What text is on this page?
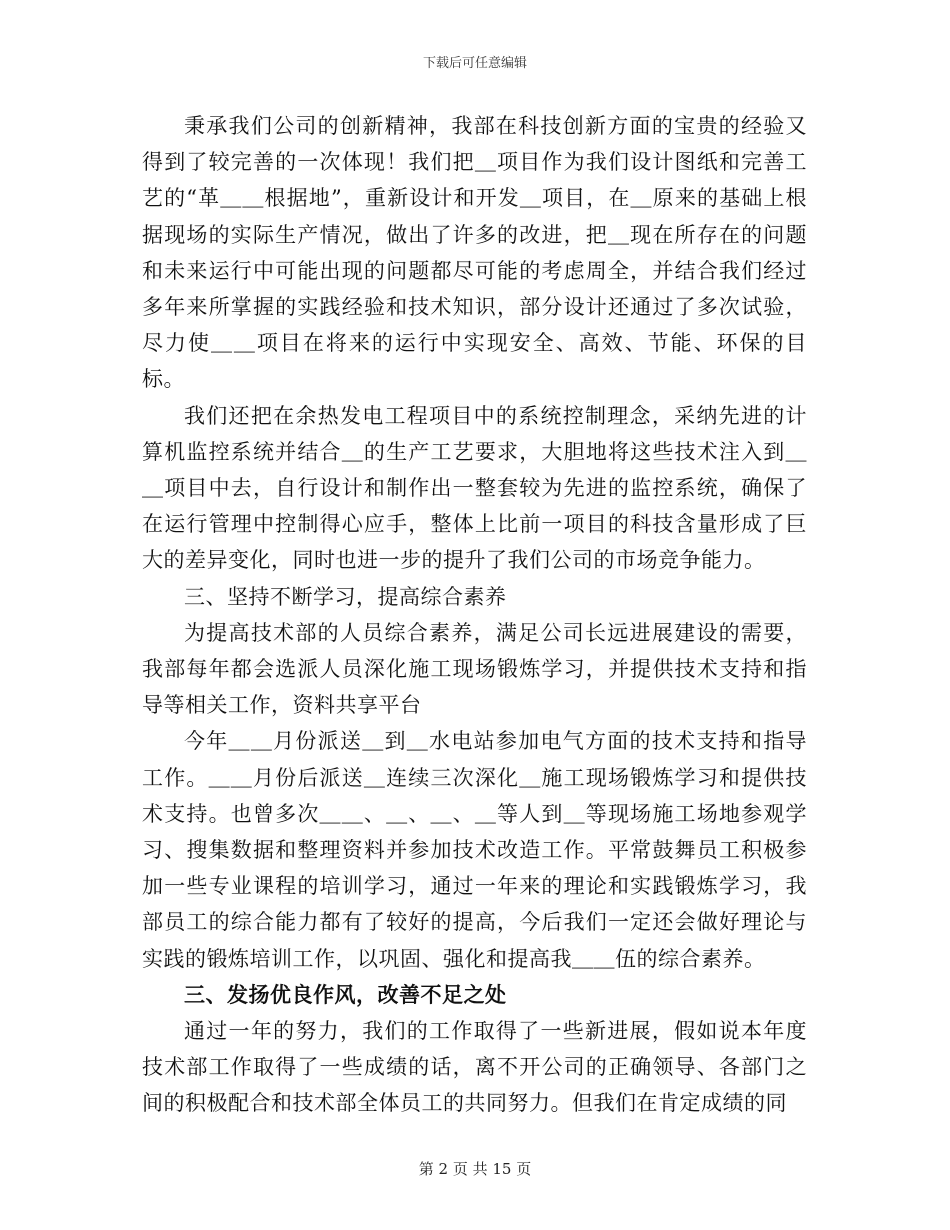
下载后可任意编辑

秉承我们公司的创新精神，我部在科技创新方面的宝贵的经验又得到了较完善的一次体现！我们把＿项目作为我们设计图纸和完善工艺的“革＿＿根据地”，重新设计和开发＿项目，在＿原来的基础上根据现场的实际生产情况，做出了许多的改进，把＿现在所存在的问题和未来运行中可能出现的问题都尽可能的考虑周全，并结合我们经过多年来所掌握的实践经验和技术知识，部分设计还通过了多次试验，尽力使＿＿项目在将来的运行中实现安全、高效、节能、环保的目标。

我们还把在余热发电工程项目中的系统控制理念，采纳先进的计算机监控系统并结合＿的生产工艺要求，大胆地将这些技术注入到＿＿项目中去，自行设计和制作出一整套较为先进的监控系统，确保了在运行管理中控制得心应手，整体上比前一项目的科技含量形成了巨大的差异变化，同时也进一步的提升了我们公司的市场竞争能力。

三、坚持不断学习，提高综合素养

为提高技术部的人员综合素养，满足公司长远进展建设的需要，我部每年都会选派人员深化施工现场锻炼学习，并提供技术支持和指导等相关工作，资料共享平台

今年＿＿月份派送＿到＿水电站参加电气方面的技术支持和指导工作。＿＿月份后派送＿连续三次深化＿施工现场锻炼学习和提供技术支持。也曾多次＿＿、＿、＿、＿等人到＿等现场施工场地参观学习、搜集数据和整理资料并参加技术改造工作。平常鼓舞员工积极参加一些专业课程的培训学习，通过一年来的理论和实践锻炼学习，我部员工的综合能力都有了较好的提高，今后我们一定还会做好理论与实践的锻炼培训工作，以巩固、强化和提高我＿＿伍的综合素养。

三、发扬优良作风，改善不足之处

通过一年的努力，我们的工作取得了一些新进展，假如说本年度技术部工作取得了一些成绩的话，离不开公司的正确领导、各部门之间的积极配合和技术部全体员工的共同努力。但我们在肯定成绩的同

第 2 页 共 15 页
